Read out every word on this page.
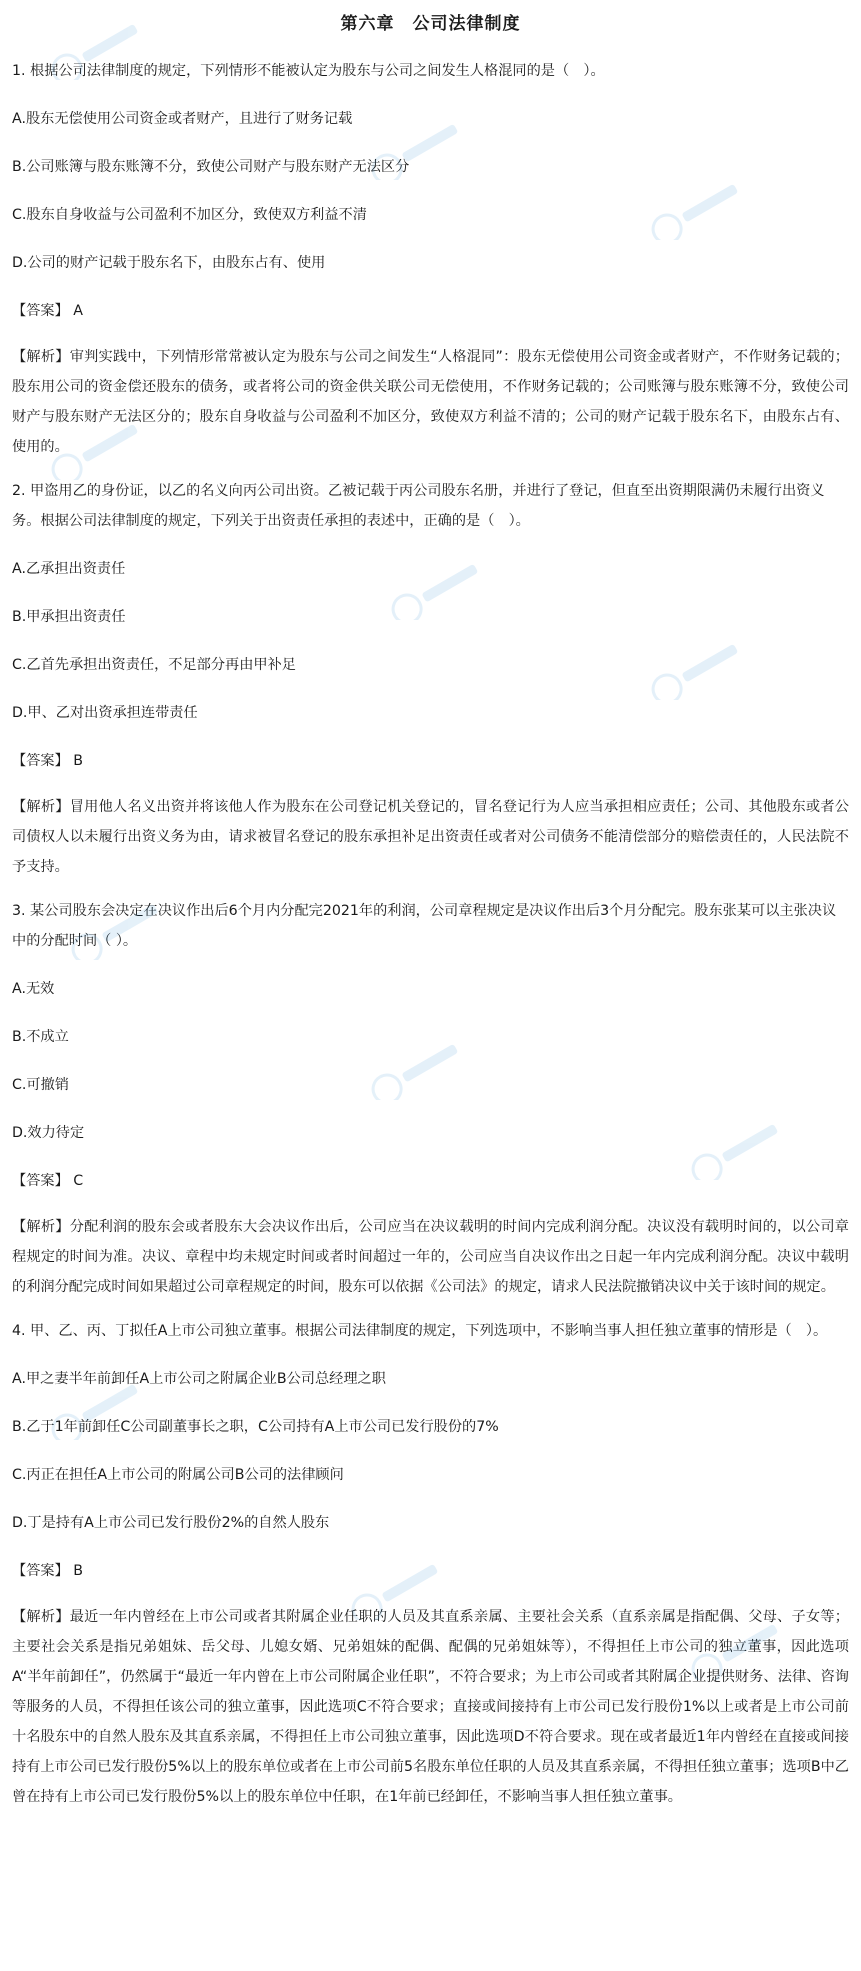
第六章　公司法律制度

1. 根据公司法律制度的规定，下列情形不能被认定为股东与公司之间发生人格混同的是（　）。

A.股东无偿使用公司资金或者财产，且进行了财务记载

B.公司账簿与股东账簿不分，致使公司财产与股东财产无法区分

C.股东自身收益与公司盈利不加区分，致使双方利益不清

D.公司的财产记载于股东名下，由股东占有、使用

【答案】 A

【解析】审判实践中，下列情形常常被认定为股东与公司之间发生“人格混同”：股东无偿使用公司资金或者财产，不作财务记载的；股东用公司的资金偿还股东的债务，或者将公司的资金供关联公司无偿使用，不作财务记载的；公司账簿与股东账簿不分，致使公司财产与股东财产无法区分的；股东自身收益与公司盈利不加区分，致使双方利益不清的；公司的财产记载于股东名下，由股东占有、使用的。

2. 甲盗用乙的身份证，以乙的名义向丙公司出资。乙被记载于丙公司股东名册，并进行了登记，但直至出资期限满仍未履行出资义务。根据公司法律制度的规定，下列关于出资责任承担的表述中，正确的是（　）。

A.乙承担出资责任

B.甲承担出资责任

C.乙首先承担出资责任，不足部分再由甲补足

D.甲、乙对出资承担连带责任

【答案】 B

【解析】冒用他人名义出资并将该他人作为股东在公司登记机关登记的，冒名登记行为人应当承担相应责任；公司、其他股东或者公司债权人以未履行出资义务为由，请求被冒名登记的股东承担补足出资责任或者对公司债务不能清偿部分的赔偿责任的，人民法院不予支持。

3. 某公司股东会决定在决议作出后6个月内分配完2021年的利润，公司章程规定是决议作出后3个月分配完。股东张某可以主张决议中的分配时间（ ）。

A.无效

B.不成立

C.可撤销

D.效力待定

【答案】 C

【解析】分配利润的股东会或者股东大会决议作出后，公司应当在决议载明的时间内完成利润分配。决议没有载明时间的，以公司章程规定的时间为准。决议、章程中均未规定时间或者时间超过一年的，公司应当自决议作出之日起一年内完成利润分配。决议中载明的利润分配完成时间如果超过公司章程规定的时间，股东可以依据《公司法》的规定，请求人民法院撤销决议中关于该时间的规定。

4. 甲、乙、丙、丁拟任A上市公司独立董事。根据公司法律制度的规定，下列选项中，不影响当事人担任独立董事的情形是（　）。

A.甲之妻半年前卸任A上市公司之附属企业B公司总经理之职

B.乙于1年前卸任C公司副董事长之职，C公司持有A上市公司已发行股份的7%

C.丙正在担任A上市公司的附属公司B公司的法律顾问

D.丁是持有A上市公司已发行股份2%的自然人股东

【答案】 B

【解析】最近一年内曾经在上市公司或者其附属企业任职的人员及其直系亲属、主要社会关系（直系亲属是指配偶、父母、子女等；主要社会关系是指兄弟姐妹、岳父母、儿媳女婿、兄弟姐妹的配偶、配偶的兄弟姐妹等），不得担任上市公司的独立董事，因此选项A“半年前卸任”，仍然属于“最近一年内曾在上市公司附属企业任职”，不符合要求；为上市公司或者其附属企业提供财务、法律、咨询等服务的人员，不得担任该公司的独立董事，因此选项C不符合要求；直接或间接持有上市公司已发行股份1%以上或者是上市公司前十名股东中的自然人股东及其直系亲属，不得担任上市公司独立董事，因此选项D不符合要求。现在或者最近1年内曾经在直接或间接持有上市公司已发行股份5%以上的股东单位或者在上市公司前5名股东单位任职的人员及其直系亲属，不得担任独立董事；选项B中乙曾在持有上市公司已发行股份5%以上的股东单位中任职，在1年前已经卸任，不影响当事人担任独立董事。
